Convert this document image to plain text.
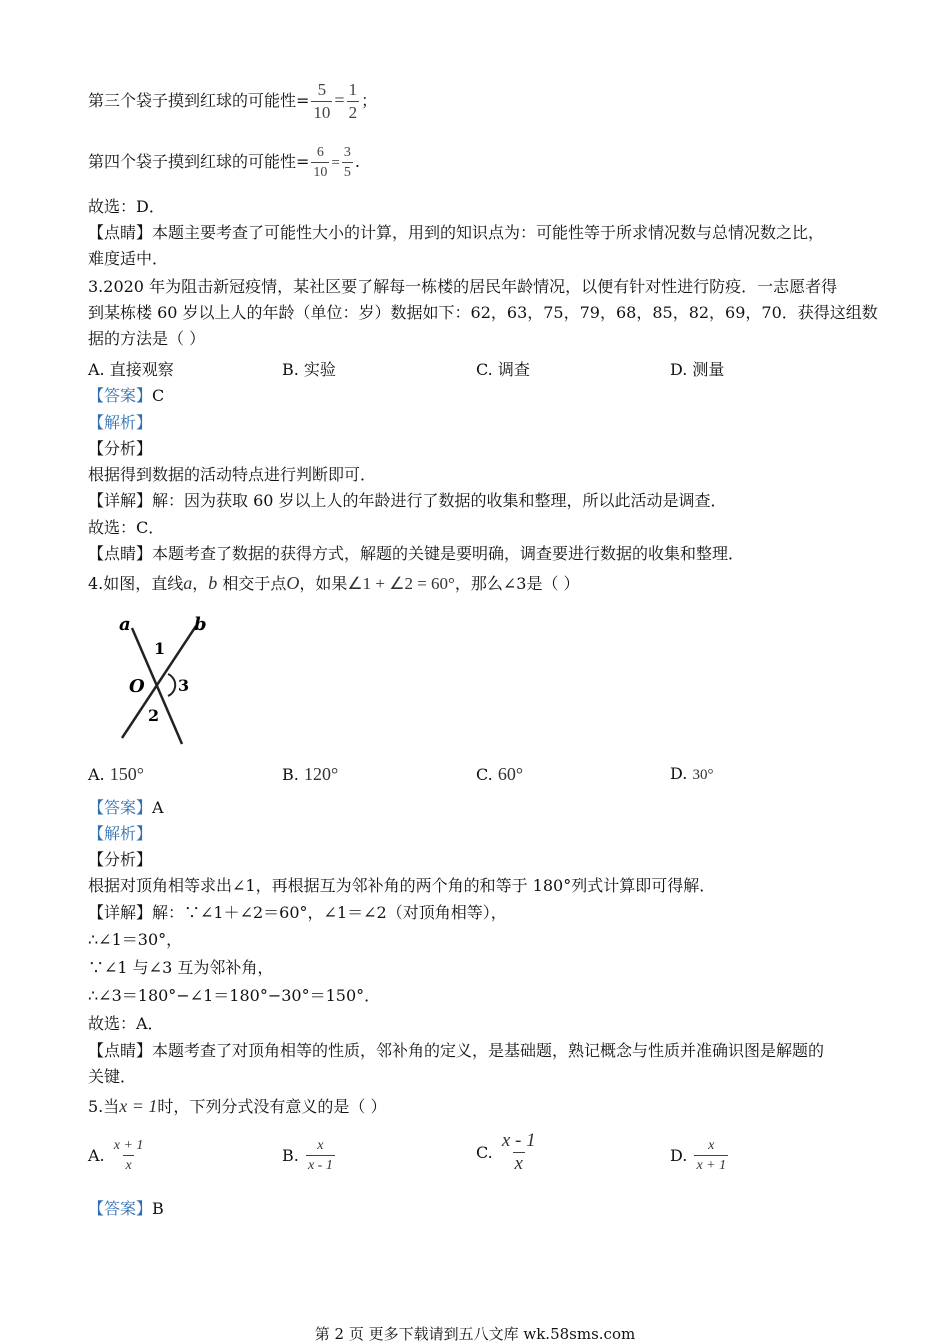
第三个袋子摸到红球的可能性= $\frac{5}{10} = \frac{1}{2}$ ；
第四个袋子摸到红球的可能性= $\frac{6}{10} = \frac{3}{5}$ .
故选：D．
【点睛】本题主要考查了可能性大小的计算，用到的知识点为：可能性等于所求情况数与总情况数之比，
难度适中．
3.2020 年为阻击新冠疫情，某社区要了解每一栋楼的居民年龄情况，以便有针对性进行防疫．一志愿者得
到某栋楼 60 岁以上人的年龄（单位：岁）数据如下：62，63，75，79，68，85，82，69，70．获得这组数
据的方法是（ ）
A. 直接观察	B. 实验	C. 调查	D. 测量
【答案】C
【解析】
【分析】
根据得到数据的活动特点进行判断即可．
【详解】解：因为获取 60 岁以上人的年龄进行了数据的收集和整理，所以此活动是调查．
故选：C．
【点睛】本题考查了数据的获得方式，解题的关键是要明确，调查要进行数据的收集和整理．
4.如图，直线a，b 相交于点O，如果∠1 + ∠2 = 60°，那么∠3是（ ）
a	b
O
1
2
3
A. 150°	B. 120°	C. 60°	D. 30°
【答案】A
【解析】
【分析】
根据对顶角相等求出∠1，再根据互为邻补角的两个角的和等于 180°列式计算即可得解．
【详解】解：∵∠1＋∠2＝60°，∠1＝∠2（对顶角相等），
∴∠1＝30°，
∵∠1 与∠3 互为邻补角，
∴∠3＝180°−∠1＝180°−30°＝150°．
故选：A．
【点睛】本题考查了对顶角相等的性质，邻补角的定义，是基础题，熟记概念与性质并准确识图是解题的
关键．
5.当x = 1时，下列分式没有意义的是（ ）
A. $\frac{x + 1}{x}$	B. $\frac{x}{x - 1}$	C. $\frac{x - 1}{x}$	D. $\frac{x}{x + 1}$
【答案】B
第 2 页 更多下载请到五八文库 wk.58sms.com
